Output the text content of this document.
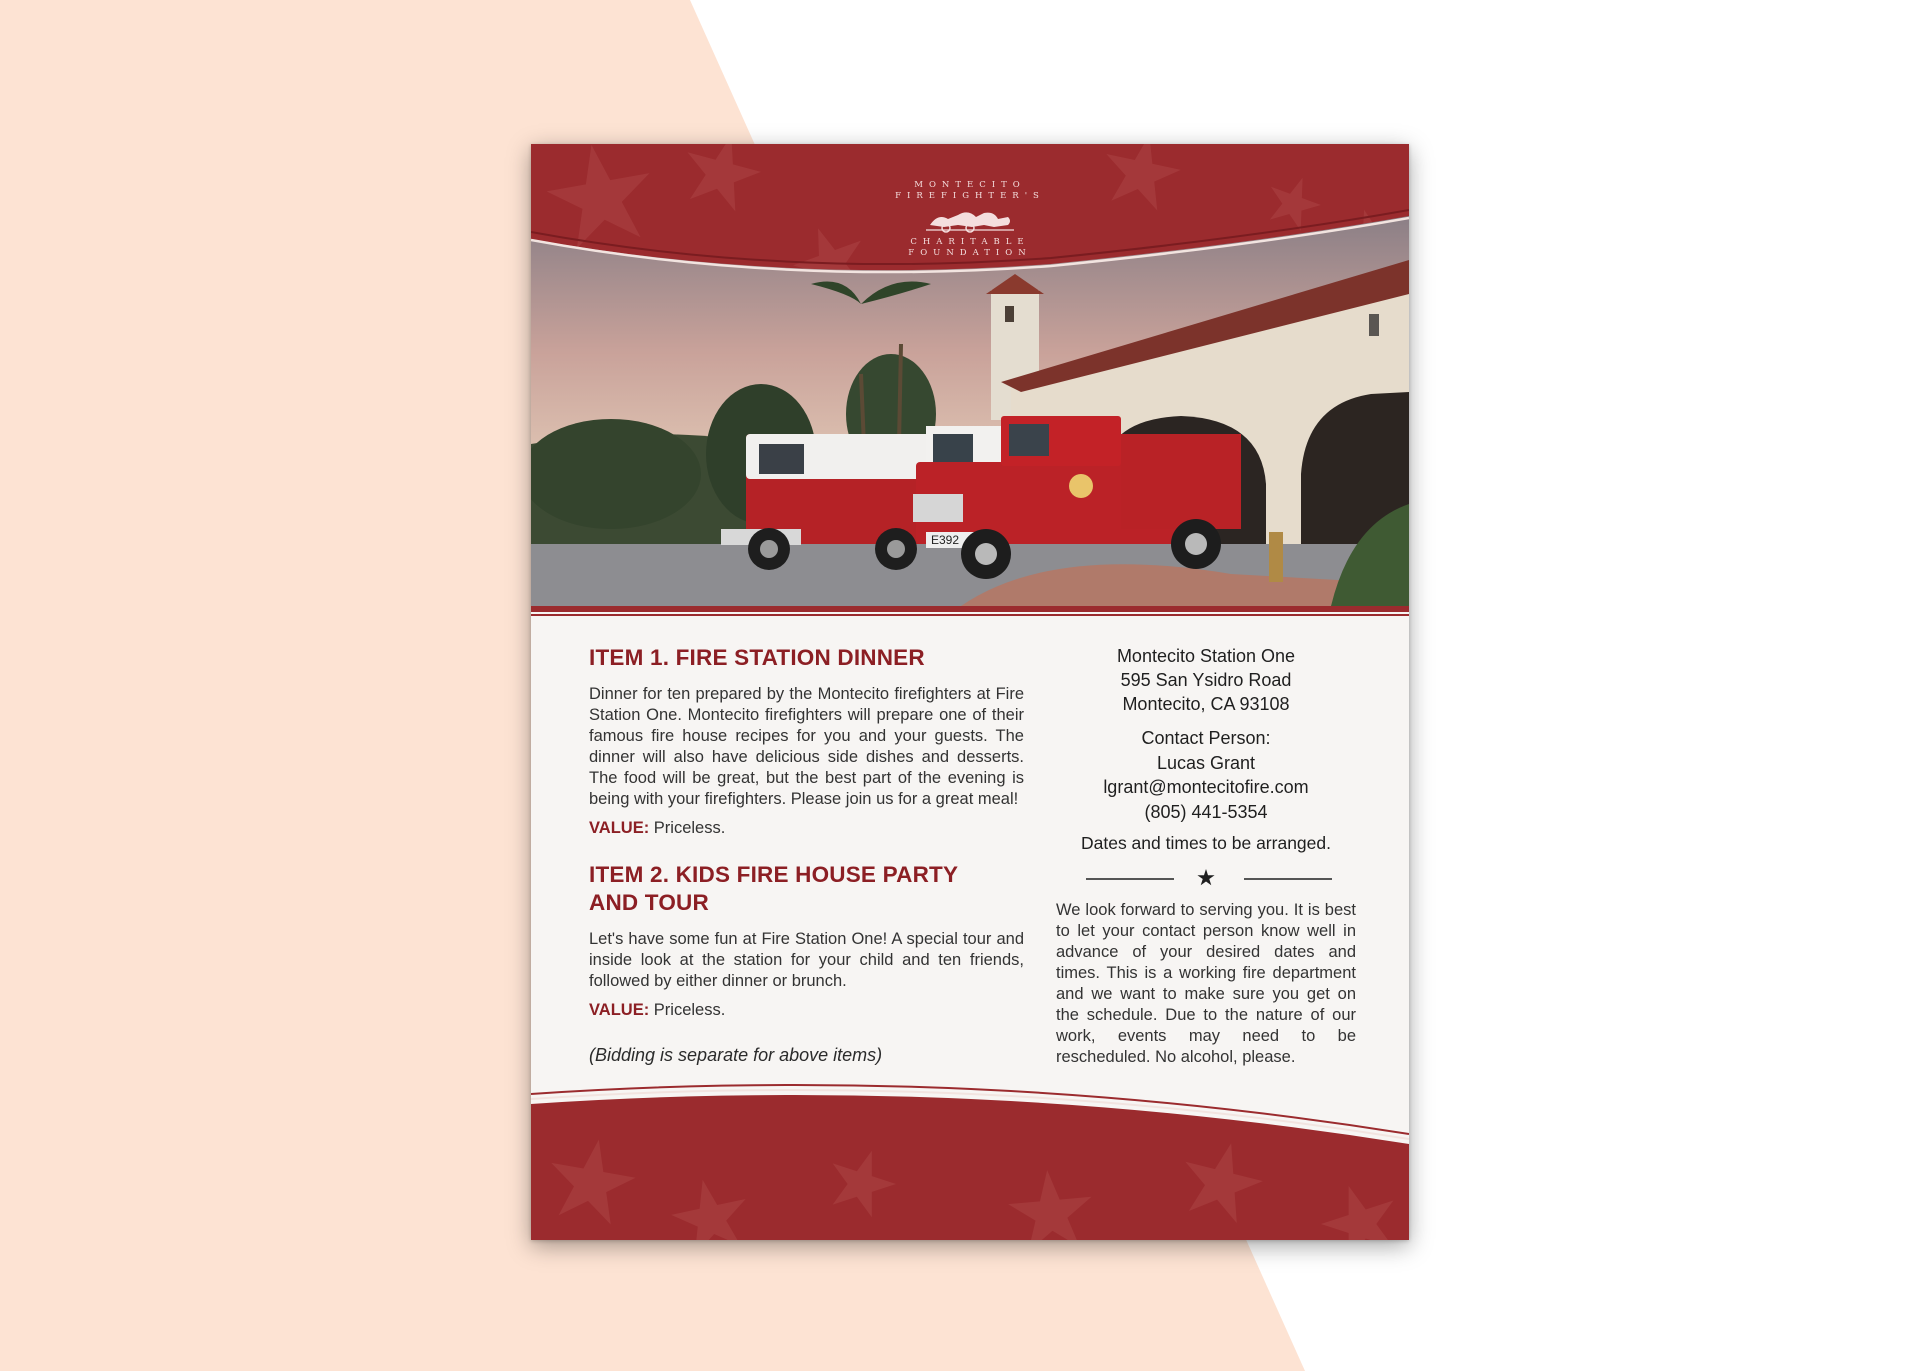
E392
MONTECITO
FIREFIGHTER'S
CHARITABLE
FOUNDATION
ITEM 1. FIRE STATION DINNER

Dinner for ten prepared by the Montecito firefighters at Fire Station One. Montecito firefighters will prepare one of their famous fire house recipes for you and your guests. The dinner will also have delicious side dishes and desserts. The food will be great, but the best part of the evening is being with your firefighters. Please join us for a great meal!

VALUE: Priceless.
ITEM 2. KIDS FIRE HOUSE PARTY
AND TOUR

Let's have some fun at Fire Station One! A special tour and inside look at the station for your child and ten friends, followed by either dinner or brunch.

VALUE: Priceless.
(Bidding is separate for above items)
Montecito Station One
595 San Ysidro Road
Montecito, CA 93108
Contact Person:
Lucas Grant
lgrant@montecitofire.com
(805) 441-5354
Dates and times to be arranged.

We look forward to serving you. It is best to let your contact person know well in advance of your desired dates and times. This is a working fire department and we want to make sure you get on the schedule. Due to the nature of our work, events may need to be rescheduled. No alcohol, please.
